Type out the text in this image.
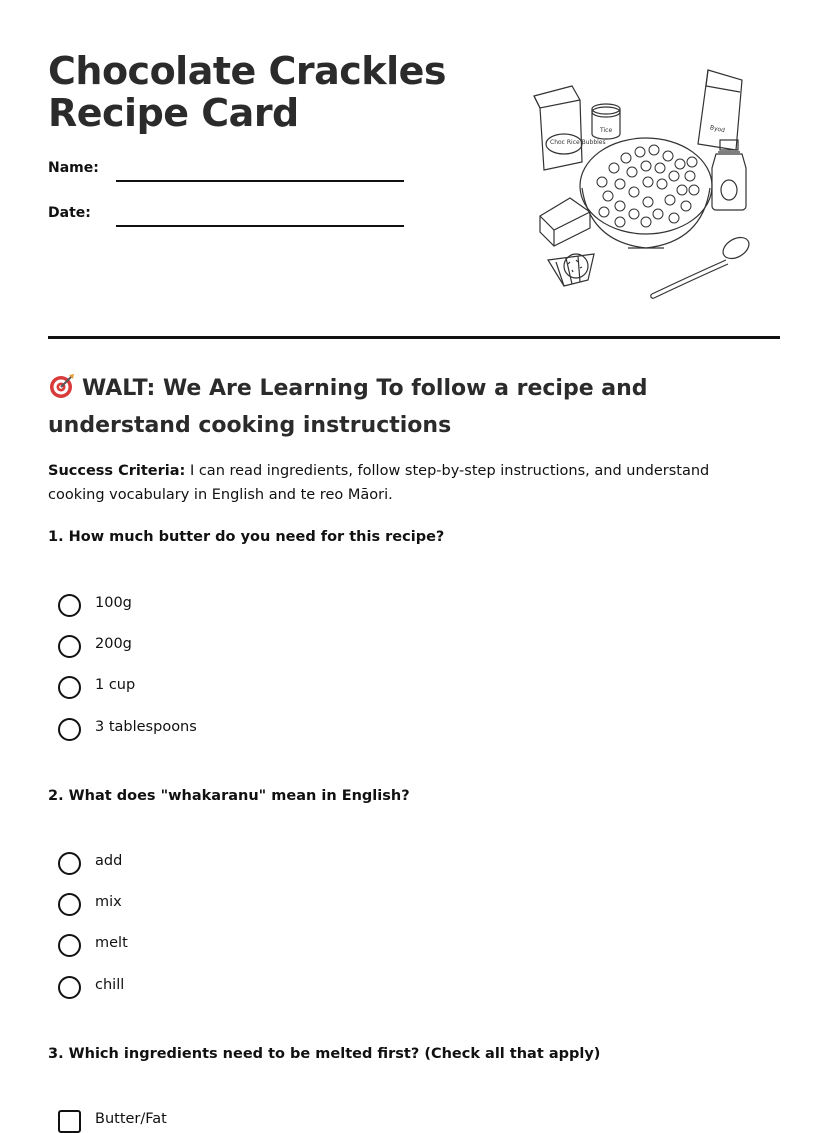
Chocolate Crackles
Recipe Card
Name:
Date:
Choc Rice Bubbles
Tice	Byod
WALT: We Are Learning To follow a recipe and understand cooking instructions

Success Criteria: I can read ingredients, follow step-by-step instructions, and understand cooking vocabulary in English and te reo Māori.

1. How much butter do you need for this recipe?
100g
200g
1 cup
3 tablespoons
2. What does "whakaranu" mean in English?
add
mix
melt
chill
3. Which ingredients need to be melted first? (Check all that apply)
Butter/Fat
